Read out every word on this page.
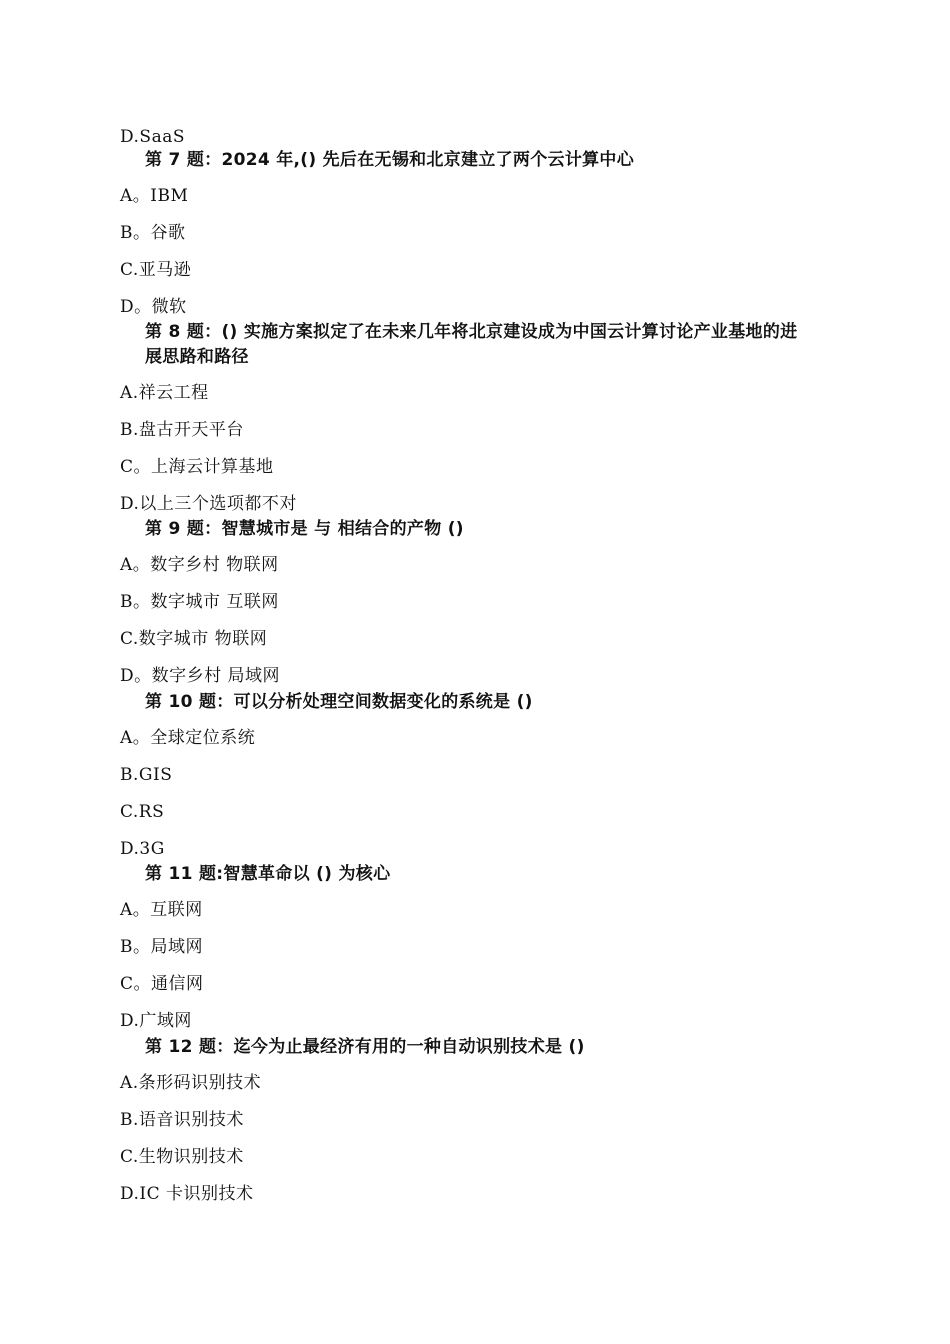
D.SaaS
第 7 题：2024 年,() 先后在无锡和北京建立了两个云计算中心
A。IBM
B。谷歌
C.亚马逊
D。微软
第 8 题：() 实施方案拟定了在未来几年将北京建设成为中国云计算讨论产业基地的进展思路和路径
A.祥云工程
B.盘古开天平台
C。上海云计算基地
D.以上三个选项都不对
第 9 题：智慧城市是 与 相结合的产物 ()
A。数字乡村 物联网
B。数字城市 互联网
C.数字城市 物联网
D。数字乡村 局域网
第 10 题：可以分析处理空间数据变化的系统是 ()
A。全球定位系统
B.GIS
C.RS
D.3G
第 11 题:智慧革命以 () 为核心
A。互联网
B。局域网
C。通信网
D.广域网
第 12 题：迄今为止最经济有用的一种自动识别技术是 ()
A.条形码识别技术
B.语音识别技术
C.生物识别技术
D.IC 卡识别技术
